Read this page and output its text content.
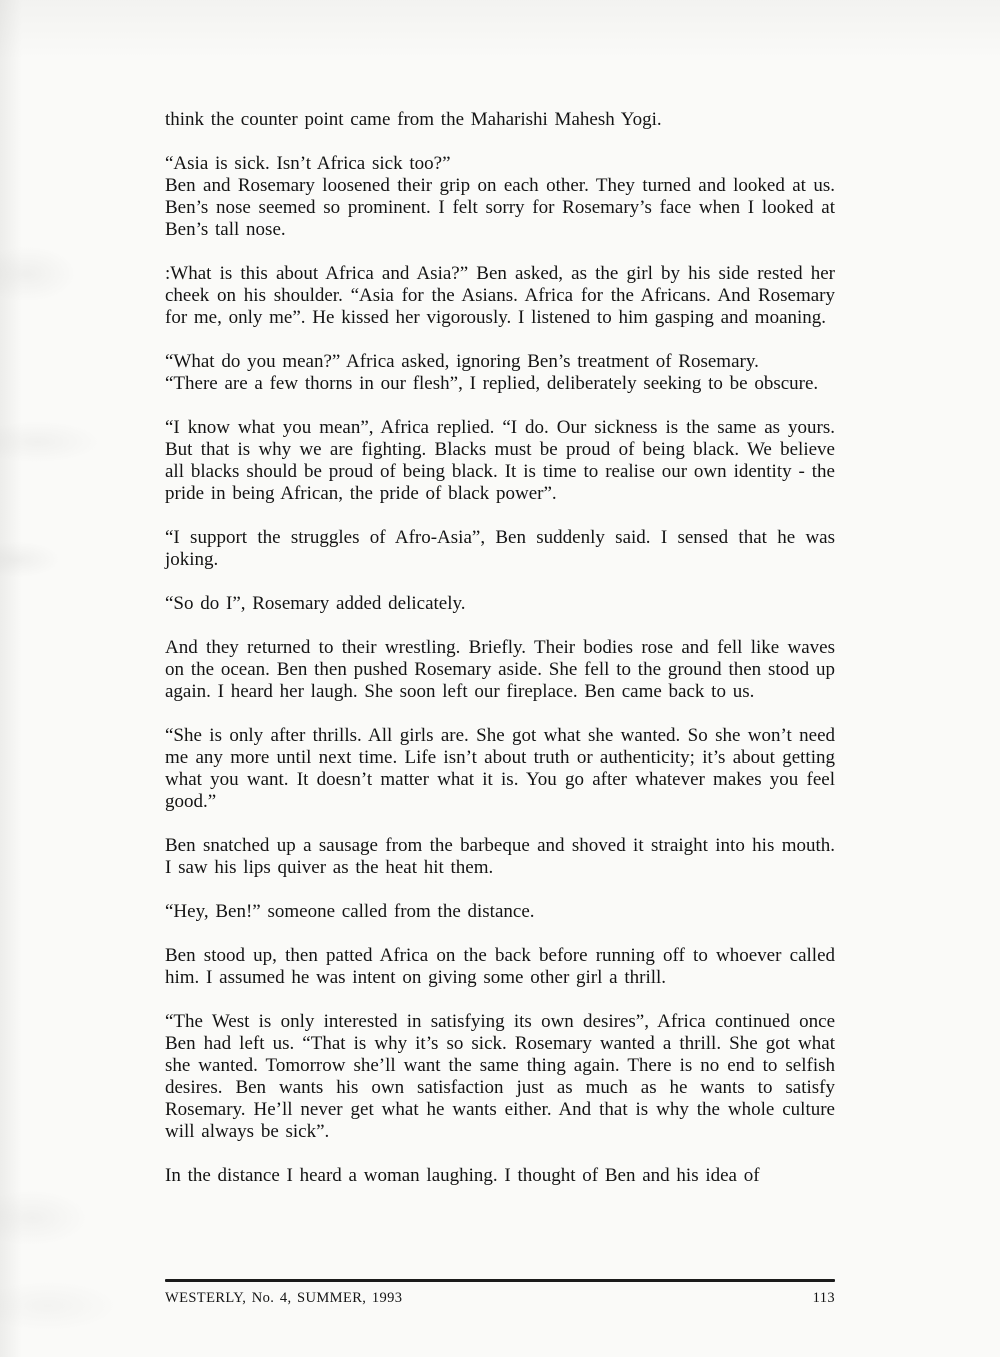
think the counter point came from the Maharishi Mahesh Yogi.

“Asia is sick. Isn’t Africa sick too?”
Ben and Rosemary loosened their grip on each other. They turned and looked at us. Ben’s nose seemed so prominent. I felt sorry for Rosemary’s face when I looked at Ben’s tall nose.

:What is this about Africa and Asia?” Ben asked, as the girl by his side rested her cheek on his shoulder. “Asia for the Asians. Africa for the Africans. And Rosemary for me, only me”. He kissed her vigorously. I listened to him gasping and moaning.

“What do you mean?” Africa asked, ignoring Ben’s treatment of Rosemary.
“There are a few thorns in our flesh”, I replied, deliberately seeking to be obscure.

“I know what you mean”, Africa replied. “I do. Our sickness is the same as yours. But that is why we are fighting. Blacks must be proud of being black. We believe all blacks should be proud of being black. It is time to realise our own identity - the pride in being African, the pride of black power”.

“I support the struggles of Afro-Asia”, Ben suddenly said. I sensed that he was joking.

“So do I”, Rosemary added delicately.

And they returned to their wrestling. Briefly. Their bodies rose and fell like waves on the ocean. Ben then pushed Rosemary aside. She fell to the ground then stood up again. I heard her laugh. She soon left our fireplace. Ben came back to us.

“She is only after thrills. All girls are. She got what she wanted. So she won’t need me any more until next time. Life isn’t about truth or authenticity; it’s about getting what you want. It doesn’t matter what it is. You go after whatever makes you feel good.”

Ben snatched up a sausage from the barbeque and shoved it straight into his mouth. I saw his lips quiver as the heat hit them.

“Hey, Ben!” someone called from the distance.

Ben stood up, then patted Africa on the back before running off to whoever called him. I assumed he was intent on giving some other girl a thrill.

“The West is only interested in satisfying its own desires”, Africa continued once Ben had left us. “That is why it’s so sick. Rosemary wanted a thrill. She got what she wanted. Tomorrow she’ll want the same thing again. There is no end to selfish desires. Ben wants his own satisfaction just as much as he wants to satisfy Rosemary. He’ll never get what he wants either. And that is why the whole culture will always be sick”.

In the distance I heard a woman laughing. I thought of Ben and his idea of

WESTERLY, No. 4, SUMMER, 1993	113
